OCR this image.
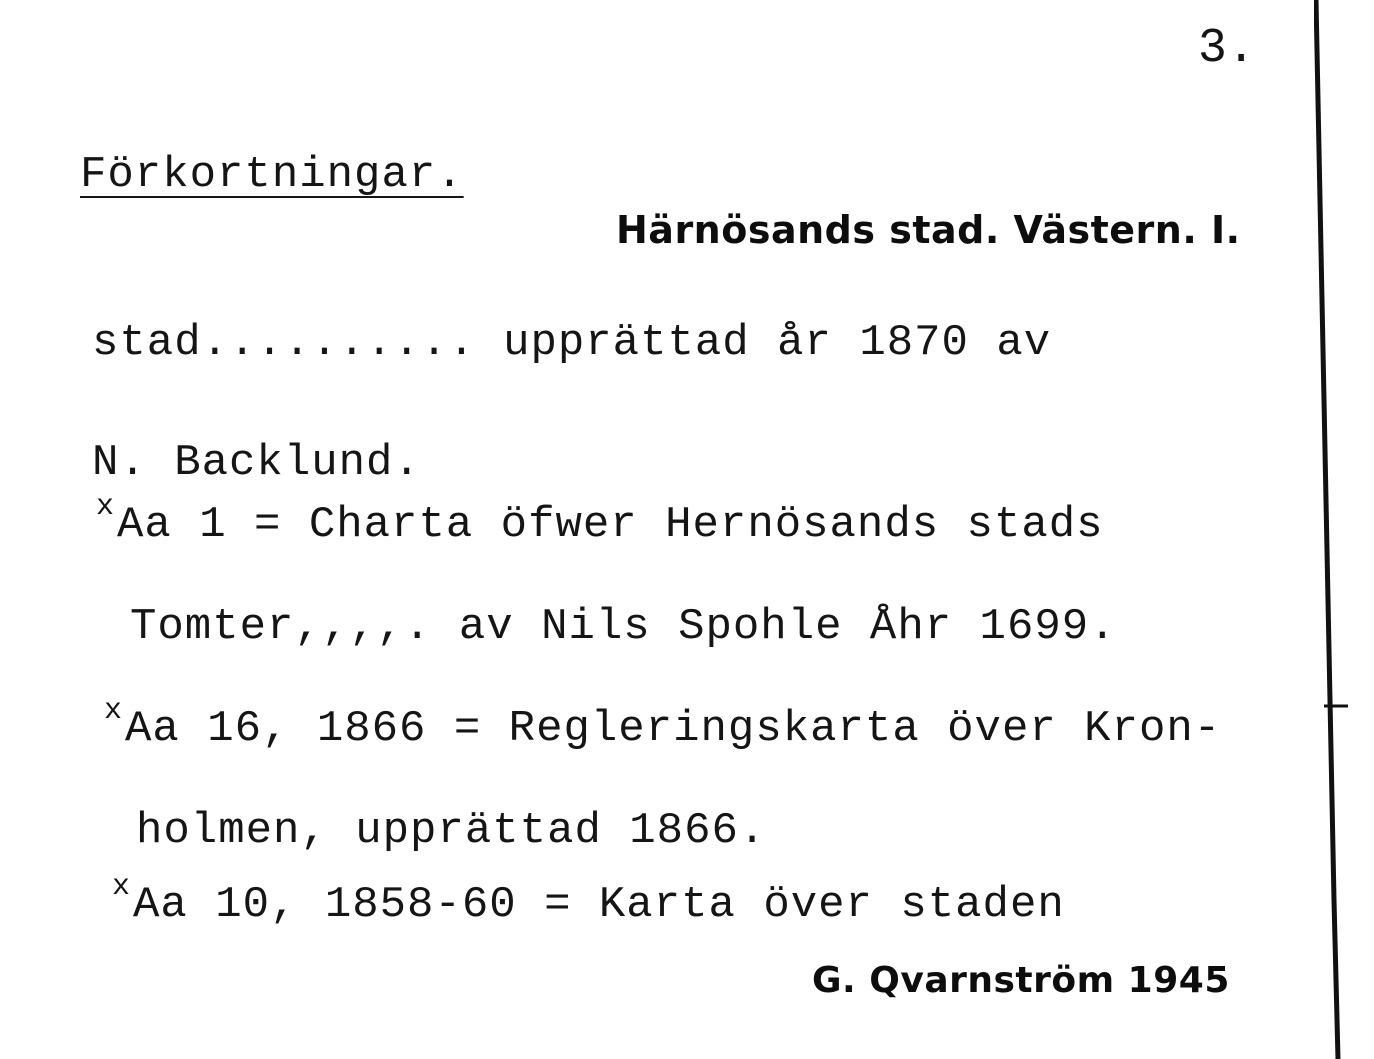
3.
Förkortningar.
Härnösands stad. Västern. I.
stad.......... upprättad år 1870 av
N. Backlund.
$^x$Aa 1 = Charta öfwer Hernösands stads
Tomter,,,,. av Nils Spohle Åhr 1699.
$^x$Aa 16, 1866 = Regleringskarta över Kron-
holmen, upprättad 1866.
$^x$Aa 10, 1858-60 = Karta över staden
G. Qvarnström 1945
